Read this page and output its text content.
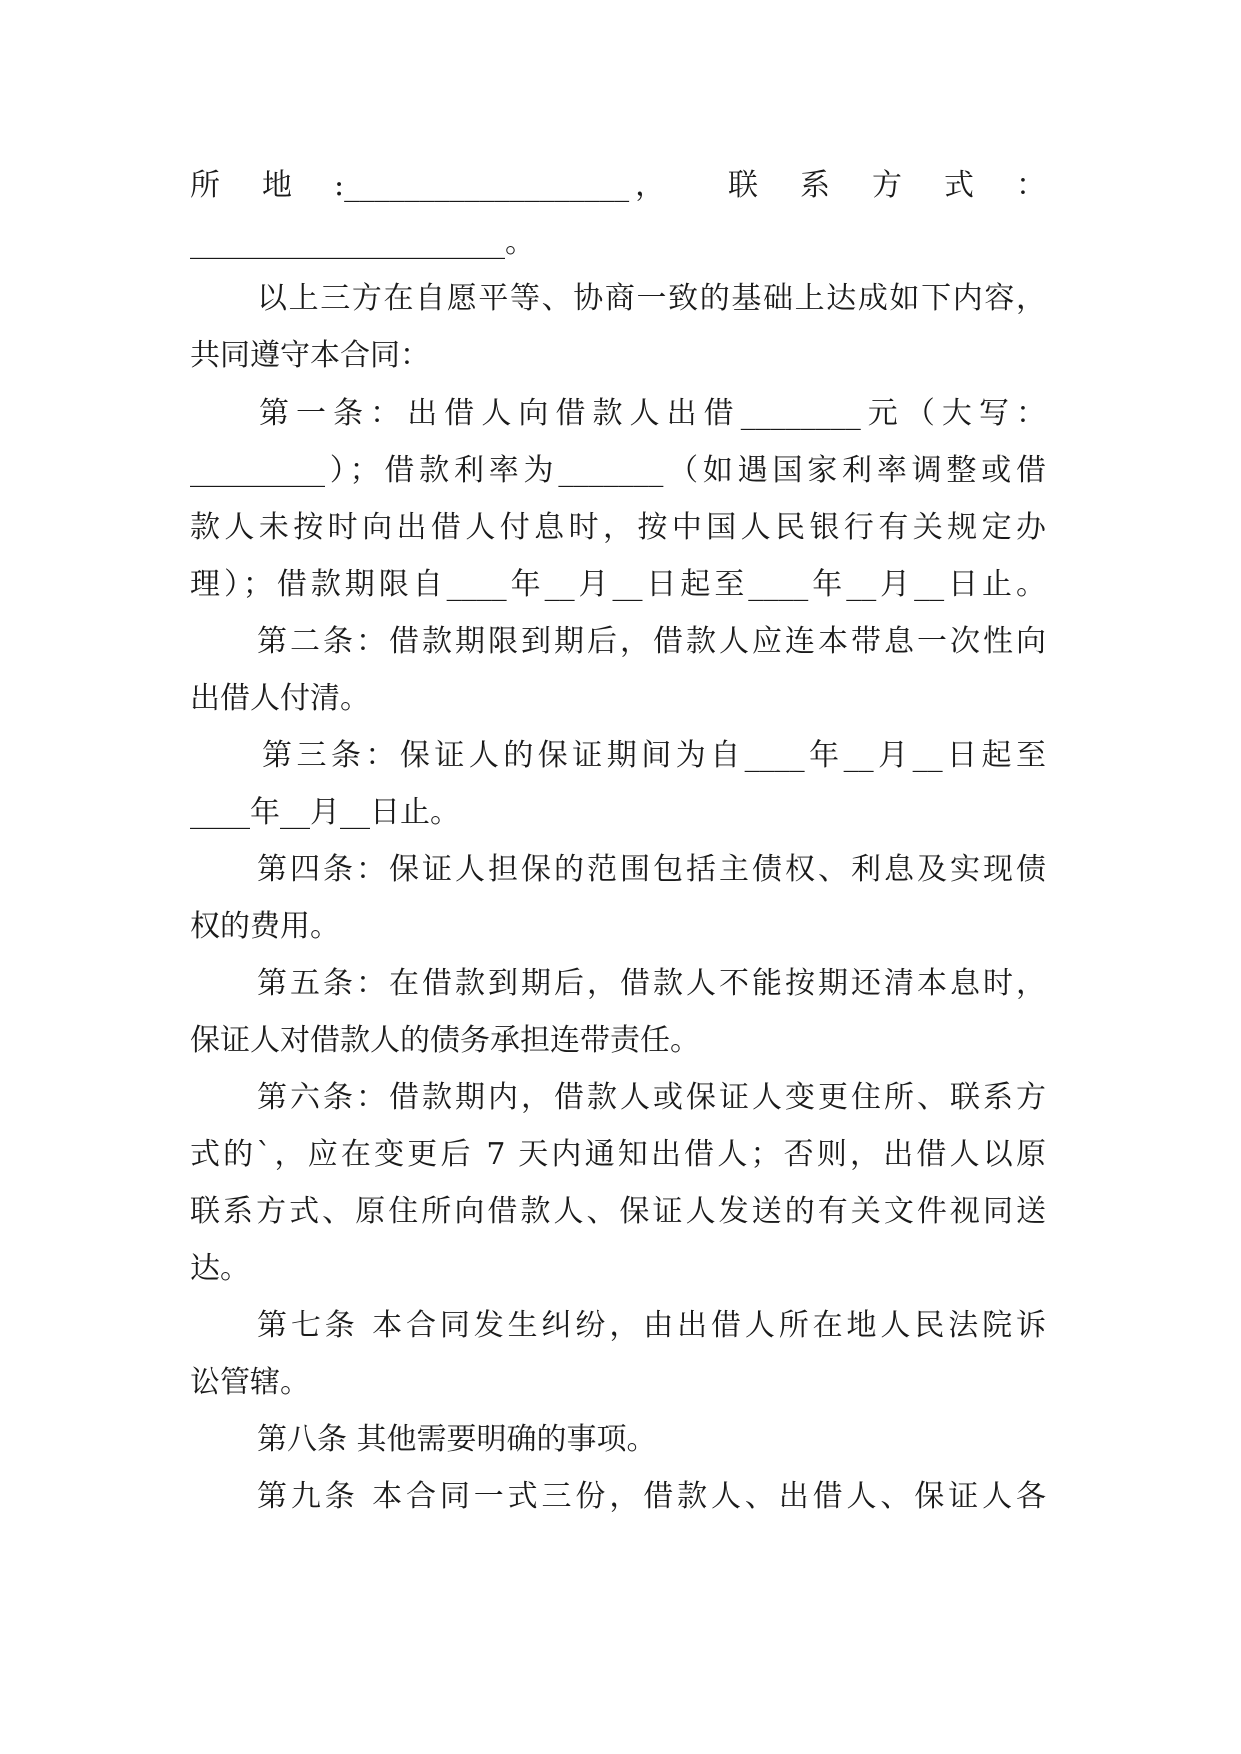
所　地　:___________________，　　联　系　方　式　：

_____________________。

以上三方在自愿平等、协商一致的基础上达成如下内容，

共同遵守本合同：

第一条：出借人向借款人出借________元（大写：

_________）；借款利率为_______（如遇国家利率调整或借

款人未按时向出借人付息时，按中国人民银行有关规定办

理）；借款期限自____年__月__日起至____年__月__日止。

第二条：借款期限到期后，借款人应连本带息一次性向

出借人付清。

第三条：保证人的保证期间为自____年__月__日起至

____年__月__日止。

第四条：保证人担保的范围包括主债权、利息及实现债

权的费用。

第五条：在借款到期后，借款人不能按期还清本息时，

保证人对借款人的债务承担连带责任。

第六条：借款期内，借款人或保证人变更住所、联系方

式的`，应在变更后 7 天内通知出借人；否则，出借人以原

联系方式、原住所向借款人、保证人发送的有关文件视同送

达。

第七条 本合同发生纠纷，由出借人所在地人民法院诉

讼管辖。

第八条 其他需要明确的事项。

第九条 本合同一式三份，借款人、出借人、保证人各
